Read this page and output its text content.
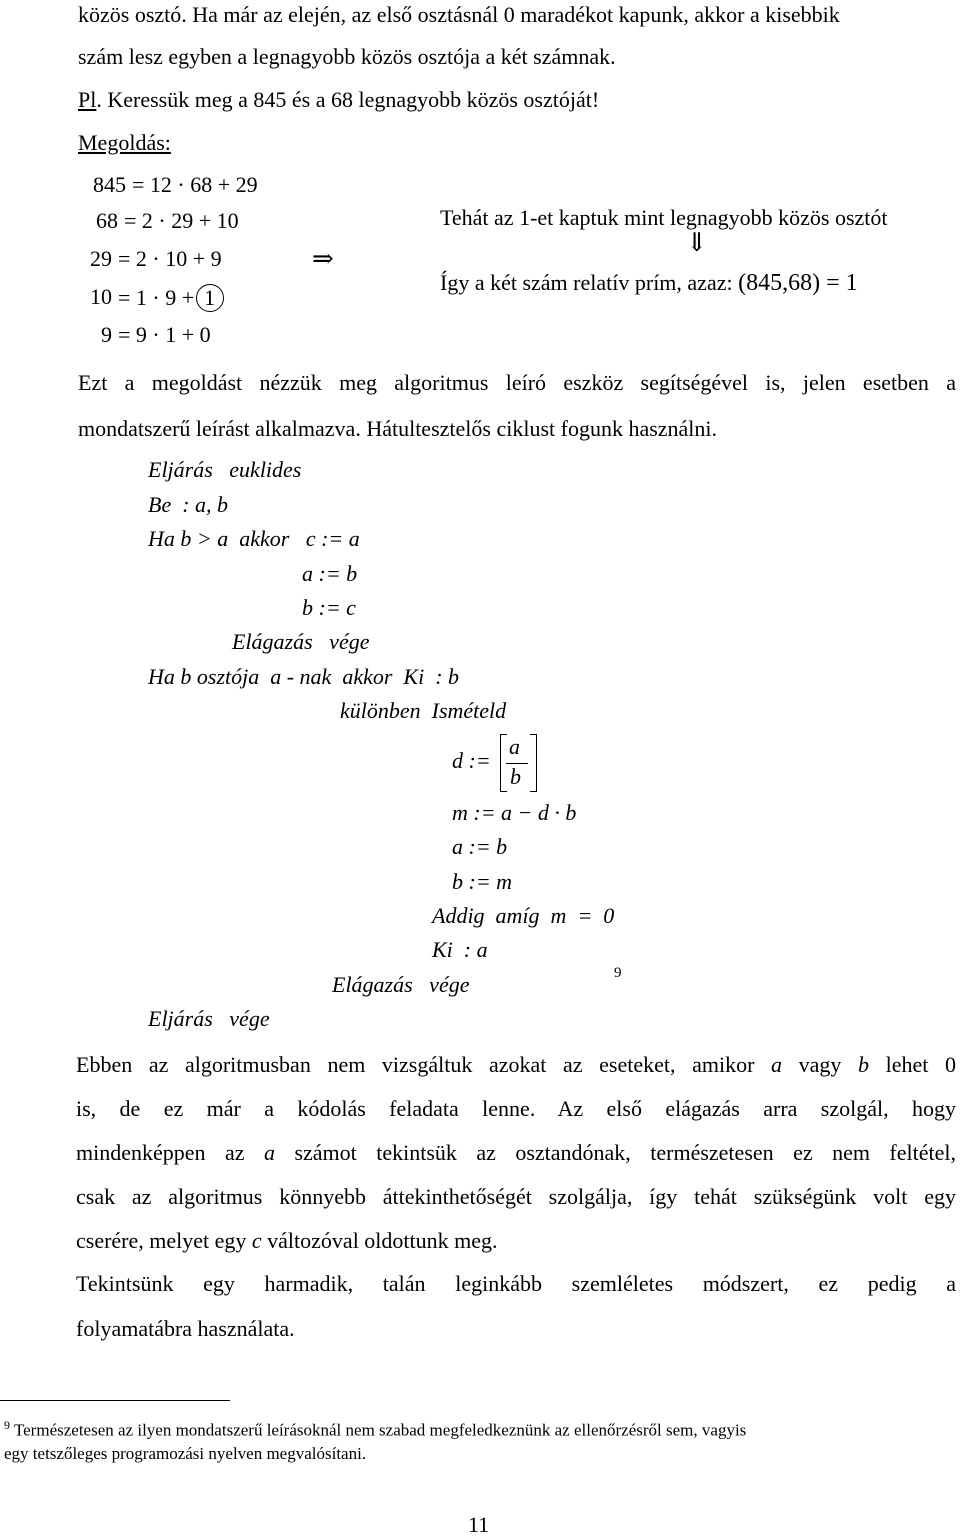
közös osztó. Ha már az elején, az első osztásnál 0 maradékot kapunk, akkor a kisebbik
szám lesz egyben a legnagyobb közös osztója a két számnak.
Pl. Keressük meg a 845 és a 68 legnagyobb közös osztóját!
Megoldás:
845 = 12 · 68 + 29
68 = 2 · 29 + 10
29 = 2 · 10 + 9
10 = 1 · 9 + 1
9 = 9 · 1 + 0
⇒
Tehát az 1-et kaptuk mint legnagyobb közös osztót
⇓
Így a két szám relatív prím, azaz: (845,68) = 1
Ezt a megoldást nézzük meg algoritmus leíró eszköz segítségével is, jelen esetben a
mondatszerű leírást alkalmazva. Hátultesztelős ciklust fogunk használni.
Eljárás   euklides
Be  : a, b
Ha b > a  akkor   c := a
a := b
b := c
Elágazás   vége
Ha b osztója  a - nak  akkor  Ki  : b
különben  Ismételd
d :=
a
b
m := a − d · b
a := b
b := m
Addig  amíg  m  =  0
Ki  : a
Elágazás   vége	9
Eljárás   vége
Ebben az algoritmusban nem vizsgáltuk azokat az eseteket, amikor a vagy b lehet 0
is, de ez már a kódolás feladata lenne. Az első elágazás arra szolgál, hogy
mindenképpen az a számot tekintsük az osztandónak, természetesen ez nem feltétel,
csak az algoritmus könnyebb áttekinthetőségét szolgálja, így tehát szükségünk volt egy
cserére, melyet egy c változóval oldottunk meg.
Tekintsünk egy harmadik, talán leginkább szemléletes módszert, ez pedig a
folyamatábra használata.
$^9$ Természetesen az ilyen mondatszerű leírásoknál nem szabad megfeledkeznünk az ellenőrzésről sem, vagyis
egy tetszőleges programozási nyelven megvalósítani.
11
